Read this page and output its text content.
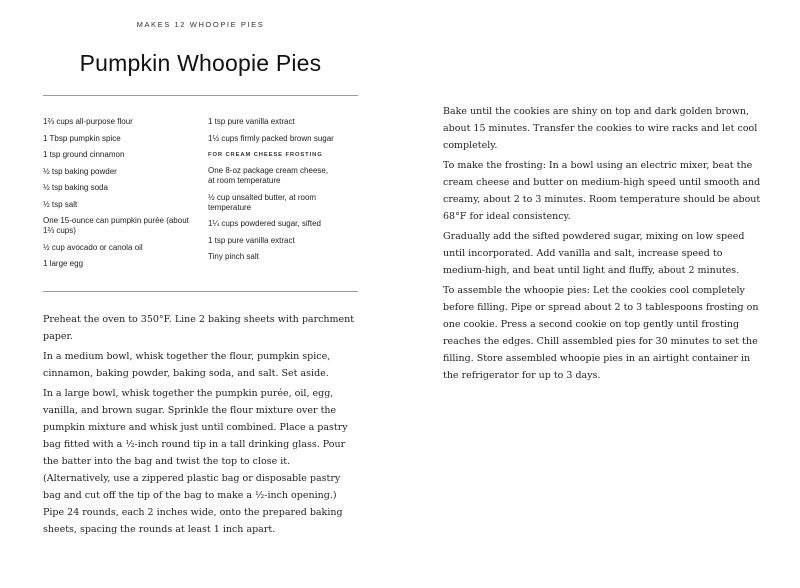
MAKES 12 WHOOPIE PIES
Pumpkin Whoopie Pies
1⅔ cups all-purpose flour
1 Tbsp pumpkin spice
1 tsp ground cinnamon
½ tsp baking powder
½ tsp baking soda
½ tsp salt
One 15-ounce can pumpkin purée (about 1⅔ cups)
½ cup avocado or canola oil
1 large egg
1 tsp pure vanilla extract
1½ cups firmly packed brown sugar
FOR CREAM CHEESE FROSTING
One 8-oz package cream cheese, at room temperature
½ cup unsalted butter, at room temperature
1¼ cups powdered sugar, sifted
1 tsp pure vanilla extract
Tiny pinch salt

Preheat the oven to 350°F. Line 2 baking sheets with parchment paper.

In a medium bowl, whisk together the flour, pumpkin spice, cinnamon, baking powder, baking soda, and salt. Set aside.

In a large bowl, whisk together the pumpkin purée, oil, egg, vanilla, and brown sugar. Sprinkle the flour mixture over the pumpkin mixture and whisk just until combined. Place a pastry bag fitted with a ½-inch round tip in a tall drinking glass. Pour the batter into the bag and twist the top to close it. (Alternatively, use a zippered plastic bag or disposable pastry bag and cut off the tip of the bag to make a ½-inch opening.) Pipe 24 rounds, each 2 inches wide, onto the prepared baking sheets, spacing the rounds at least 1 inch apart.

Bake until the cookies are shiny on top and dark golden brown, about 15 minutes. Transfer the cookies to wire racks and let cool completely.

To make the frosting: In a bowl using an electric mixer, beat the cream cheese and butter on medium-high speed until smooth and creamy, about 2 to 3 minutes. Room temperature should be about 68°F for ideal consistency.

Gradually add the sifted powdered sugar, mixing on low speed until incorporated. Add vanilla and salt, increase speed to medium-high, and beat until light and fluffy, about 2 minutes.

To assemble the whoopie pies: Let the cookies cool completely before filling. Pipe or spread about 2 to 3 tablespoons frosting on one cookie. Press a second cookie on top gently until frosting reaches the edges. Chill assembled pies for 30 minutes to set the filling. Store assembled whoopie pies in an airtight container in the refrigerator for up to 3 days.
